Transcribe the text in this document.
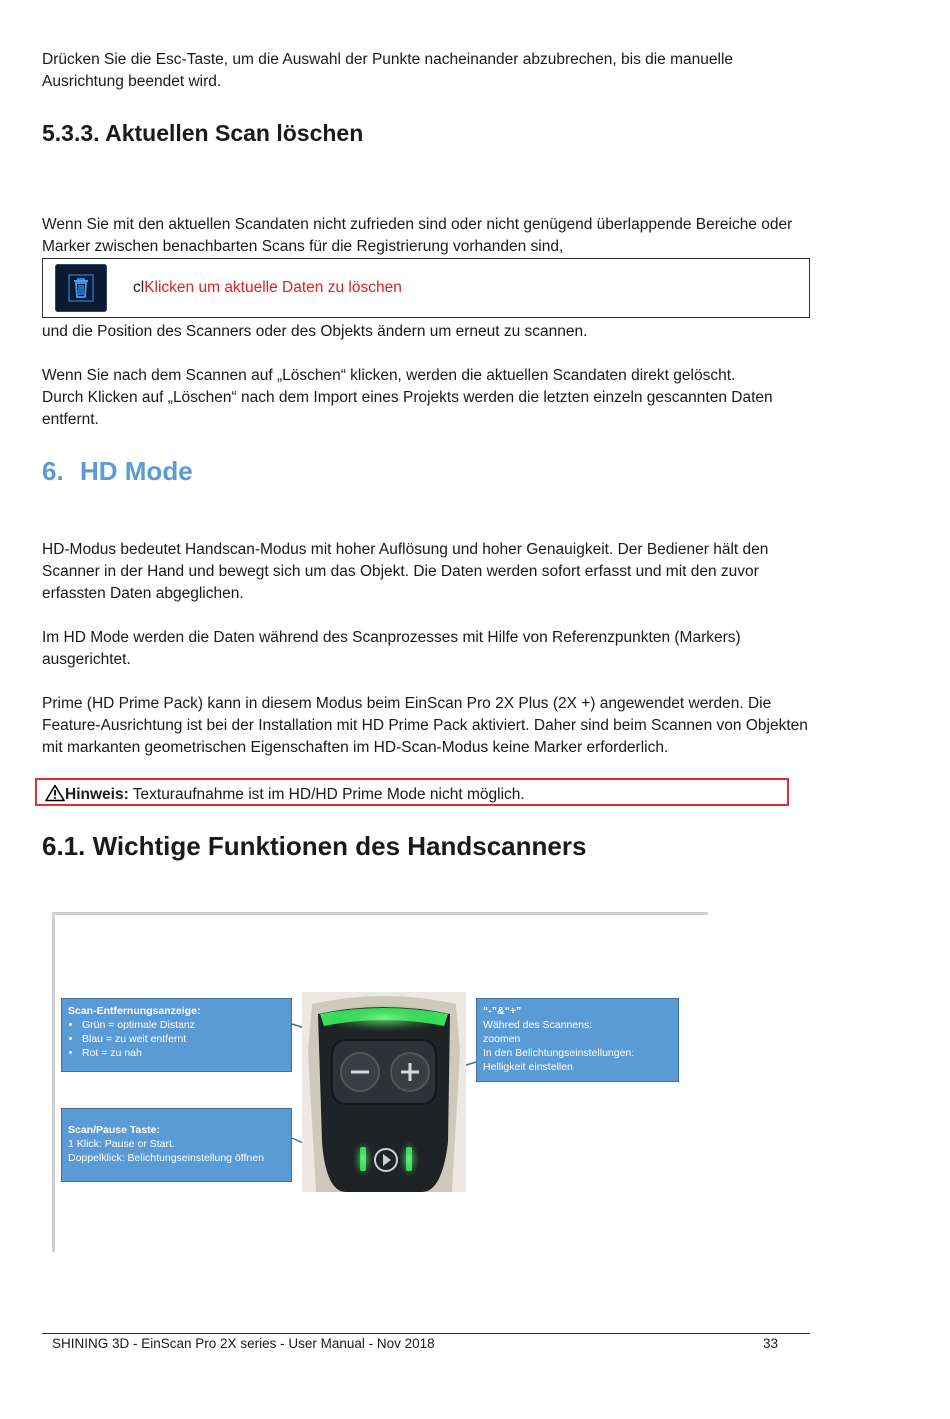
Drücken Sie die Esc-Taste, um die Auswahl der Punkte nacheinander abzubrechen, bis die manuelle
Ausrichtung beendet wird.

5.3.3. Aktuellen Scan löschen

Wenn Sie mit den aktuellen Scandaten nicht zufrieden sind oder nicht genügend überlappende Bereiche oder
Marker zwischen benachbarten Scans für die Registrierung vorhanden sind,

clKlicken um aktuelle Daten zu löschen

und die Position des Scanners oder des Objekts ändern um erneut zu scannen.

Wenn Sie nach dem Scannen auf „Löschen“ klicken, werden die aktuellen Scandaten direkt gelöscht.
Durch Klicken auf „Löschen“ nach dem Import eines Projekts werden die letzten einzeln gescannten Daten
entfernt.

6. HD Mode

HD-Modus bedeutet Handscan-Modus mit hoher Auflösung und hoher Genauigkeit. Der Bediener hält den
Scanner in der Hand und bewegt sich um das Objekt. Die Daten werden sofort erfasst und mit den zuvor
erfassten Daten abgeglichen.

Im HD Mode werden die Daten während des Scanprozesses mit Hilfe von Referenzpunkten (Markers)
ausgerichtet.

Prime (HD Prime Pack) kann in diesem Modus beim EinScan Pro 2X Plus (2X +) angewendet werden. Die
Feature-Ausrichtung ist bei der Installation mit HD Prime Pack aktiviert. Daher sind beim Scannen von Objekten
mit markanten geometrischen Eigenschaften im HD-Scan-Modus keine Marker erforderlich.

Hinweis: Texturaufnahme ist im HD/HD Prime Mode nicht möglich.
6.1. Wichtige Funktionen des Handscanners
Scan-Entfernungsanzeige:
• Grün = optimale Distanz
• Blau = zu weit entfernt
• Rot = zu nah
Scan/Pause Taste:
1 Klick: Pause or Start.
Doppelklick: Belichtungseinstellung öffnen
“-”&“+”
Währed des Scannens:
zoomen
In den Belichtungseinstellungen:
Helligkeit einstellen
SHINING 3D - EinScan Pro 2X series - User Manual - Nov 2018	33
